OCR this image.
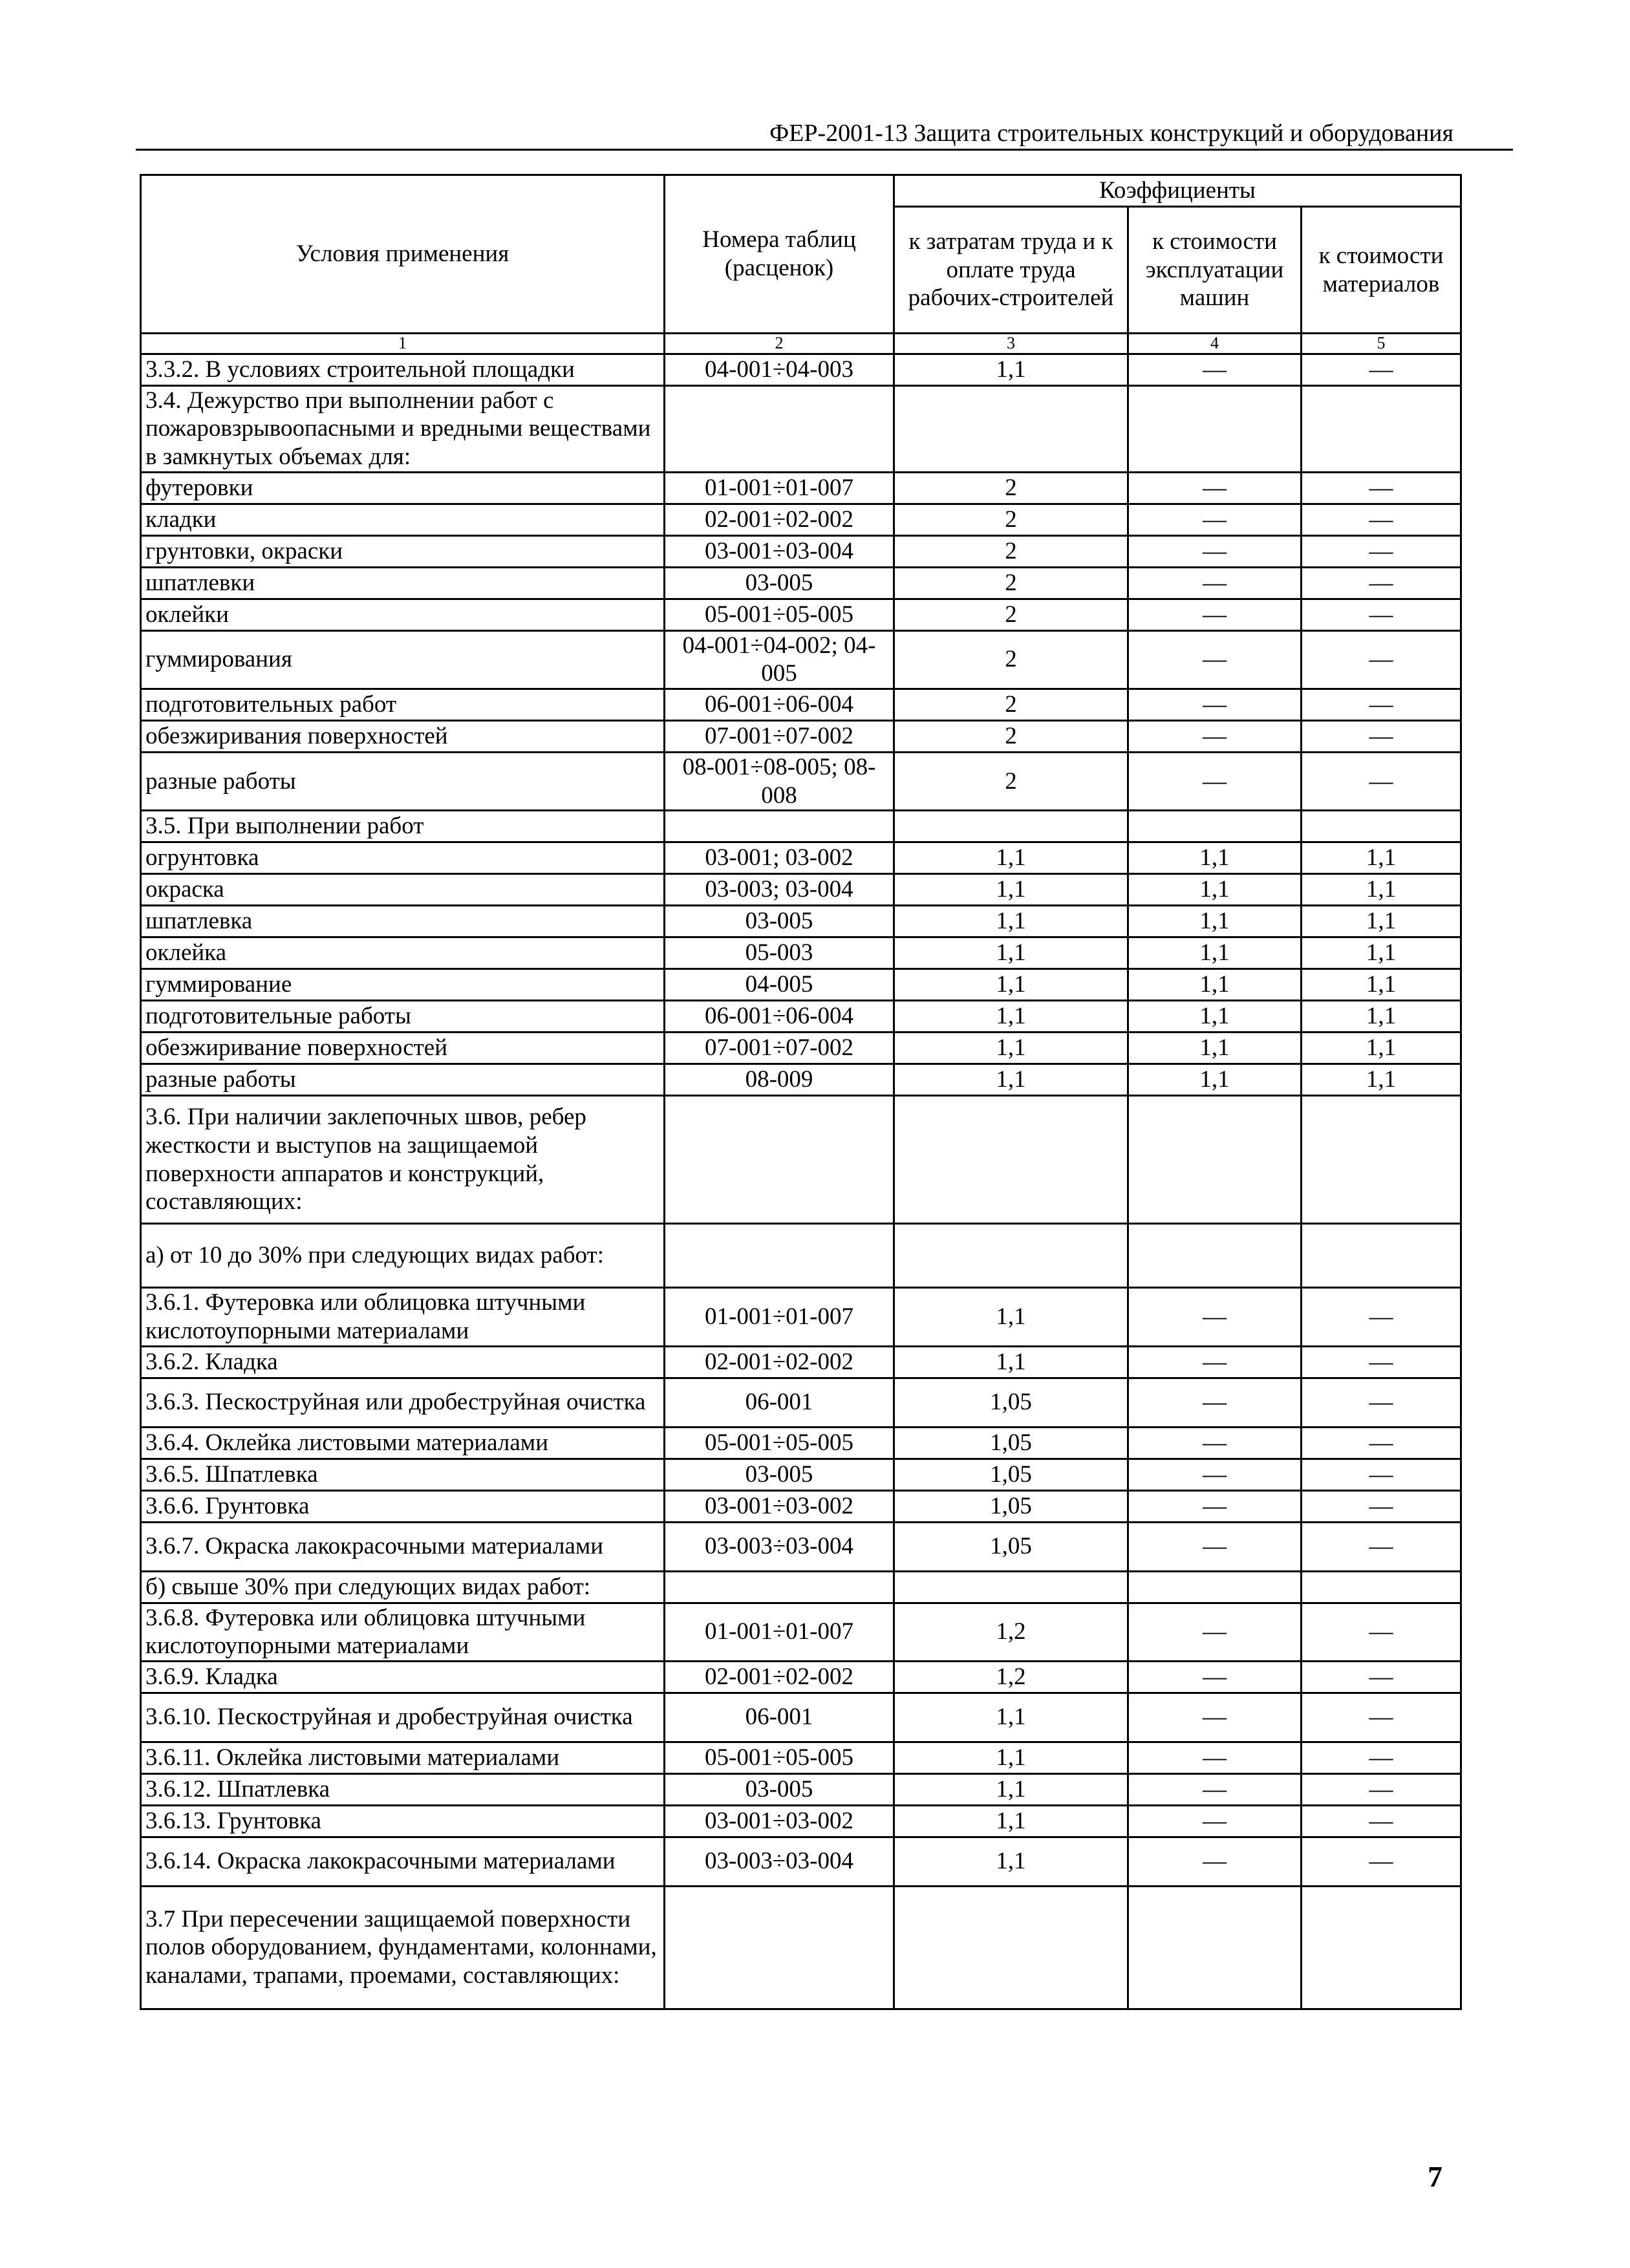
ФЕР-2001-13 Защита строительных конструкций и оборудования
Условия применения	Номера таблиц (расценок)	Коэффициенты		
		к затратам труда и к оплате труда рабочих-строителей	к стоимости эксплуатации машин	к стоимости материалов
1	2	3	4	5
3.3.2. В условиях строительной площадки	04-001÷04-003	1,1	—	—
3.4. Дежурство при выполнении работ с пожаровзрывоопасными и вредными веществами в замкнутых объемах для:				
футеровки	01-001÷01-007	2	—	—
кладки	02-001÷02-002	2	—	—
грунтовки, окраски	03-001÷03-004	2	—	—
шпатлевки	03-005	2	—	—
оклейки	05-001÷05-005	2	—	—
гуммирования	04-001÷04-002; 04-005	2	—	—
подготовительных работ	06-001÷06-004	2	—	—
обезжиривания поверхностей	07-001÷07-002	2	—	—
разные работы	08-001÷08-005; 08-008	2	—	—
3.5. При выполнении работ				
огрунтовка	03-001; 03-002	1,1	1,1	1,1
окраска	03-003; 03-004	1,1	1,1	1,1
шпатлевка	03-005	1,1	1,1	1,1
оклейка	05-003	1,1	1,1	1,1
гуммирование	04-005	1,1	1,1	1,1
подготовительные работы	06-001÷06-004	1,1	1,1	1,1
обезжиривание поверхностей	07-001÷07-002	1,1	1,1	1,1
разные работы	08-009	1,1	1,1	1,1
3.6. При наличии заклепочных швов, ребер жесткости и выступов на защищаемой поверхности аппаратов и конструкций, составляющих:				
а) от 10 до 30% при следующих видах работ:				
3.6.1. Футеровка или облицовка штучными кислотоупорными материалами	01-001÷01-007	1,1	—	—
3.6.2. Кладка	02-001÷02-002	1,1	—	—
3.6.3. Пескоструйная или дробеструйная очистка	06-001	1,05	—	—
3.6.4. Оклейка листовыми материалами	05-001÷05-005	1,05	—	—
3.6.5. Шпатлевка	03-005	1,05	—	—
3.6.6. Грунтовка	03-001÷03-002	1,05	—	—
3.6.7. Окраска лакокрасочными материалами	03-003÷03-004	1,05	—	—
б) свыше 30% при следующих видах работ:				
3.6.8. Футеровка или облицовка штучными кислотоупорными материалами	01-001÷01-007	1,2	—	—
3.6.9. Кладка	02-001÷02-002	1,2	—	—
3.6.10. Пескоструйная и дробеструйная очистка	06-001	1,1	—	—
3.6.11. Оклейка листовыми материалами	05-001÷05-005	1,1	—	—
3.6.12. Шпатлевка	03-005	1,1	—	—
3.6.13. Грунтовка	03-001÷03-002	1,1	—	—
3.6.14. Окраска лакокрасочными материалами	03-003÷03-004	1,1	—	—
3.7 При пересечении защищаемой поверхности полов оборудованием, фундаментами, колоннами, каналами, трапами, проемами, составляющих:				
7
